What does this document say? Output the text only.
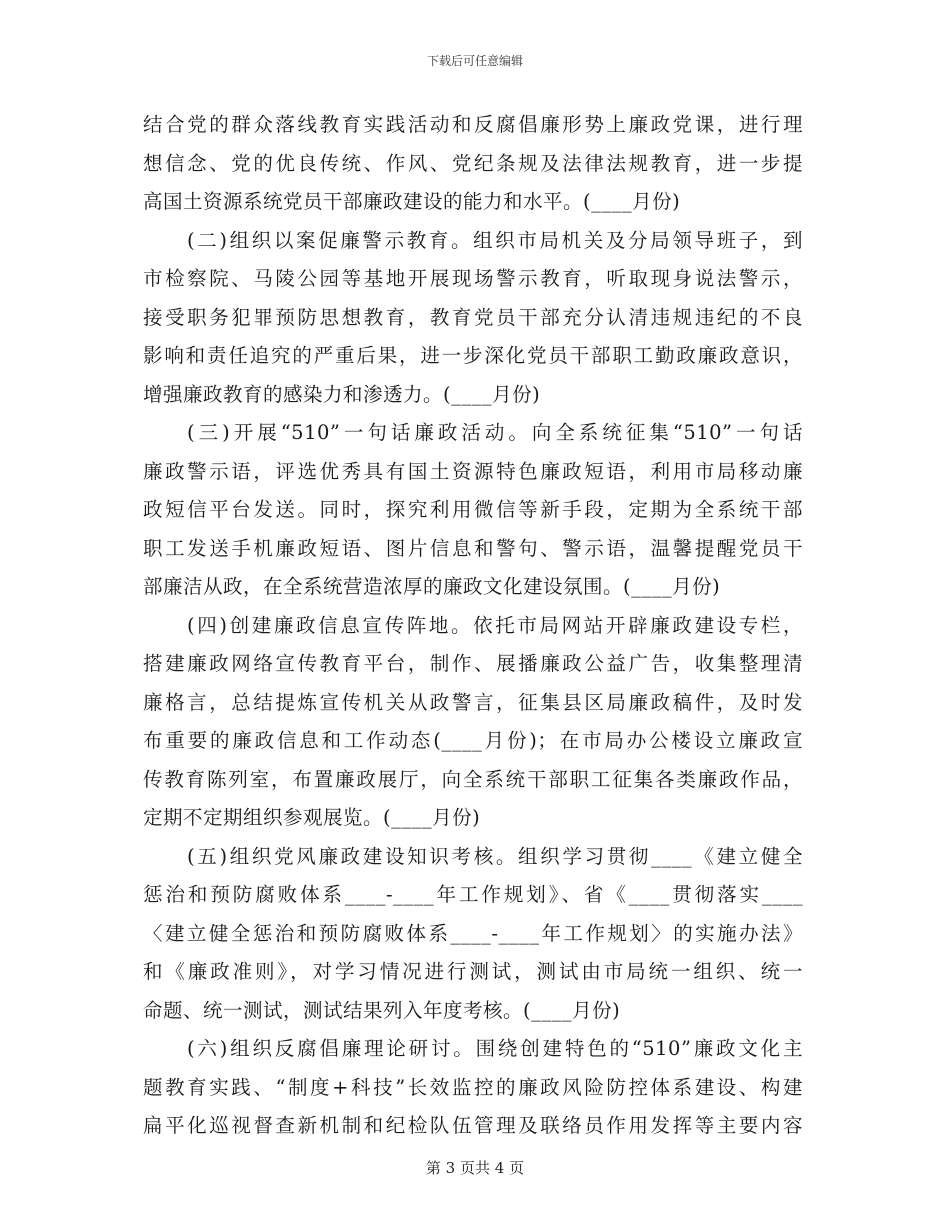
下载后可任意编辑
结合党的群众落线教育实践活动和反腐倡廉形势上廉政党课，进行理
想信念、党的优良传统、作风、党纪条规及法律法规教育，进一步提
高国土资源系统党员干部廉政建设的能力和水平。(____月份)
(二)组织以案促廉警示教育。组织市局机关及分局领导班子，到
市检察院、马陵公园等基地开展现场警示教育，听取现身说法警示，
接受职务犯罪预防思想教育，教育党员干部充分认清违规违纪的不良
影响和责任追究的严重后果，进一步深化党员干部职工勤政廉政意识，
增强廉政教育的感染力和渗透力。(____月份)
(三)开展“510”一句话廉政活动。向全系统征集“510”一句话
廉政警示语，评选优秀具有国土资源特色廉政短语，利用市局移动廉
政短信平台发送。同时，探究利用微信等新手段，定期为全系统干部
职工发送手机廉政短语、图片信息和警句、警示语，温馨提醒党员干
部廉洁从政，在全系统营造浓厚的廉政文化建设氛围。(____月份)
(四)创建廉政信息宣传阵地。依托市局网站开辟廉政建设专栏，
搭建廉政网络宣传教育平台，制作、展播廉政公益广告，收集整理清
廉格言，总结提炼宣传机关从政警言，征集县区局廉政稿件，及时发
布重要的廉政信息和工作动态(____月份)；在市局办公楼设立廉政宣
传教育陈列室，布置廉政展厅，向全系统干部职工征集各类廉政作品，
定期不定期组织参观展览。(____月份)
(五)组织党风廉政建设知识考核。组织学习贯彻____《建立健全
惩治和预防腐败体系____-____年工作规划》、省《____贯彻落实____
〈建立健全惩治和预防腐败体系____-____年工作规划〉的实施办法》
和《廉政准则》，对学习情况进行测试，测试由市局统一组织、统一
命题、统一测试，测试结果列入年度考核。(____月份)
(六)组织反腐倡廉理论研讨。围绕创建特色的“510”廉政文化主
题教育实践、“制度+科技”长效监控的廉政风险防控体系建设、构建
扁平化巡视督查新机制和纪检队伍管理及联络员作用发挥等主要内容
第 3 页共 4 页
